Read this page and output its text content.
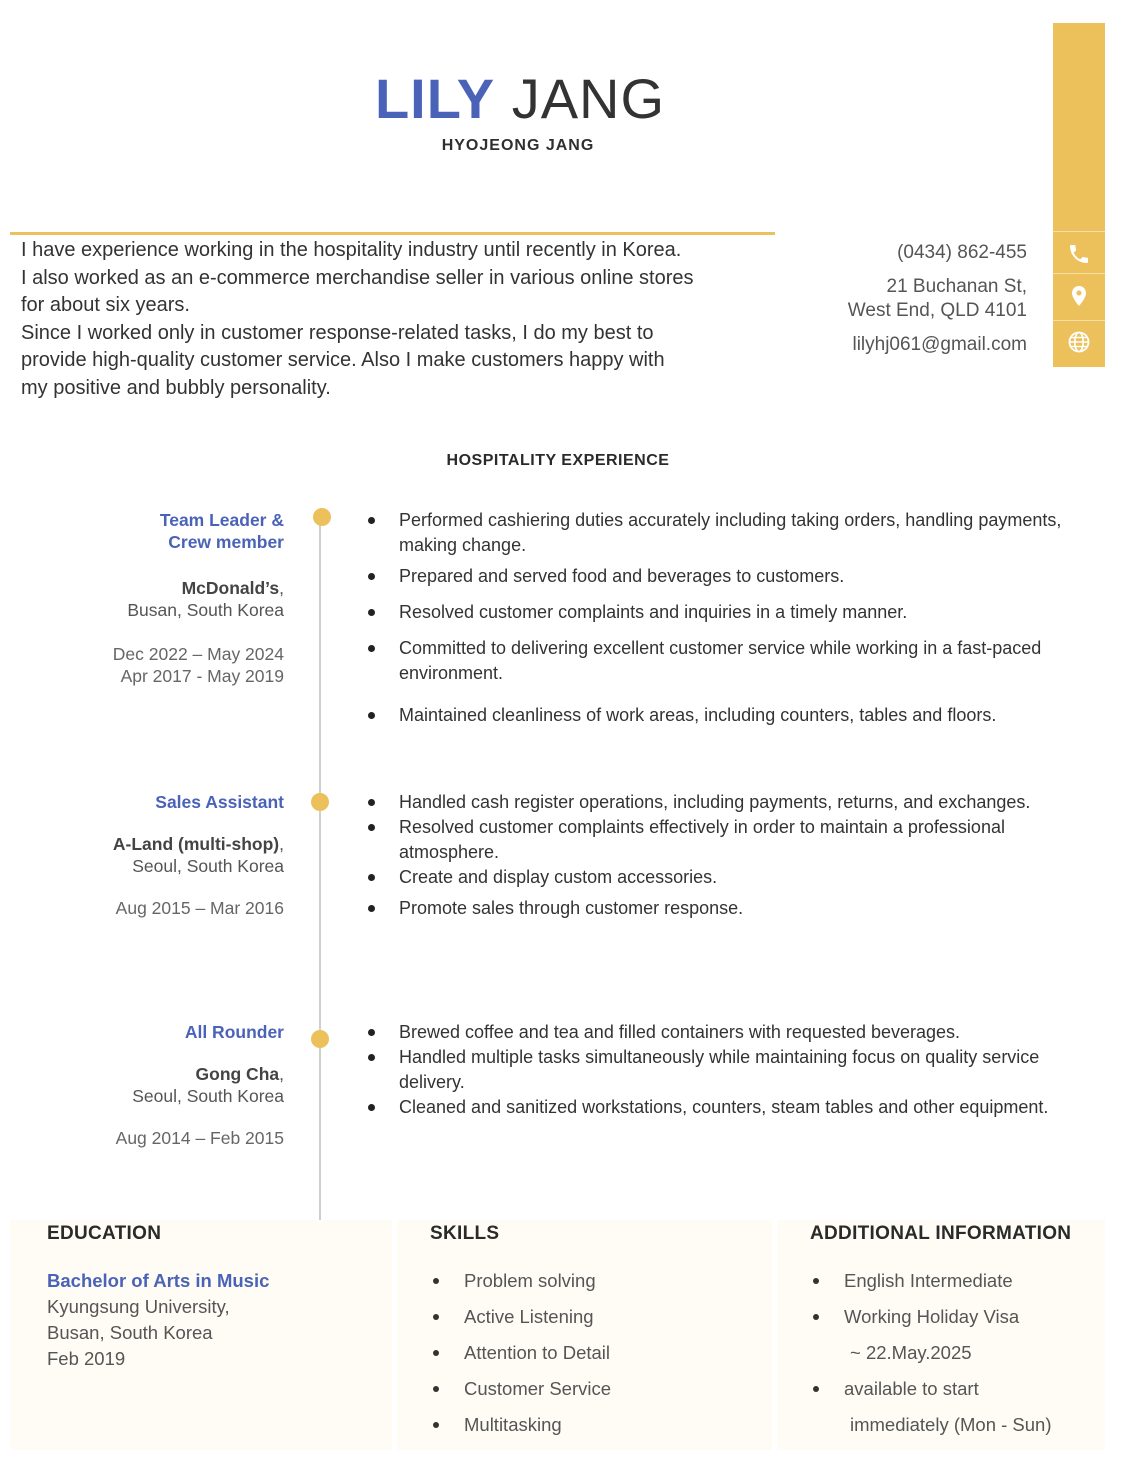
LILY JANG
HYOJEONG JANG

I have experience working in the hospitality industry until recently in Korea.

I also worked as an e-commerce merchandise seller in various online stores

for about six years.

Since I worked only in customer response-related tasks, I do my best to

provide high-quality customer service. Also I make customers happy with

my positive and bubbly personality.

(0434) 862-455
21 Buchanan St,
West End, QLD 4101
lilyhj061@gmail.com
HOSPITALITY EXPERIENCE
Team Leader &
Crew member
McDonald’s,
Busan, South Korea
Dec 2022 – May 2024
Apr 2017 - May 2019
Performed cashiering duties accurately including taking orders, handling payments, making change.
Prepared and served food and beverages to customers.
Resolved customer complaints and inquiries in a timely manner.
Committed to delivering excellent customer service while working in a fast-paced environment.
Maintained cleanliness of work areas, including counters, tables and floors.
Sales Assistant
A-Land (multi-shop),
Seoul, South Korea
Aug 2015 – Mar 2016
Handled cash register operations, including payments, returns, and exchanges.
Resolved customer complaints effectively in order to maintain a professional atmosphere.
Create and display custom accessories.
Promote sales through customer response.
All Rounder
Gong Cha,
Seoul, South Korea
Aug 2014 – Feb 2015
Brewed coffee and tea and filled containers with requested beverages.
Handled multiple tasks simultaneously while maintaining focus on quality service delivery.
Cleaned and sanitized workstations, counters, steam tables and other equipment.
EDUCATION
Bachelor of Arts in Music
Kyungsung University,
Busan, South Korea
Feb 2019
SKILLS
Problem solving
Active Listening
Attention to Detail
Customer Service
Multitasking
ADDITIONAL INFORMATION
English Intermediate
Working Holiday Visa
~ 22.May.2025
available to start
immediately (Mon - Sun)
